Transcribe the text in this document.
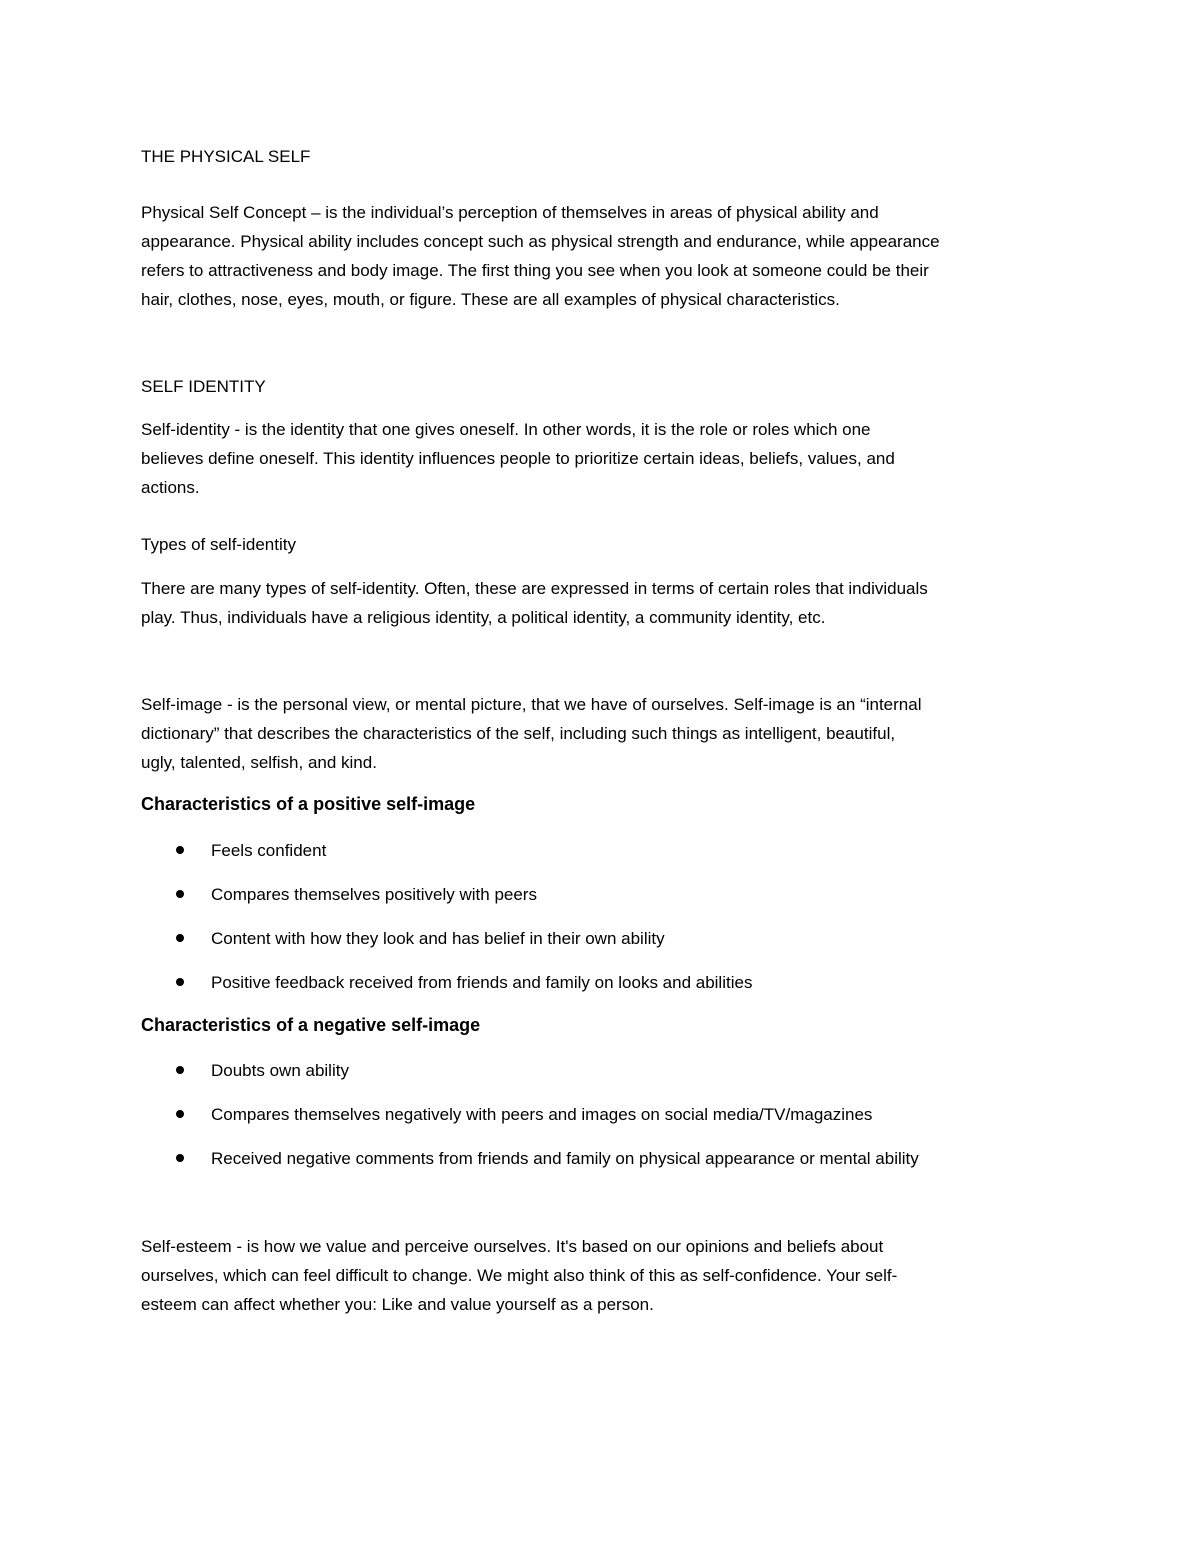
THE PHYSICAL SELF
Physical Self Concept – is the individual’s perception of themselves in areas of physical ability and
appearance. Physical ability includes concept such as physical strength and endurance, while appearance
refers to attractiveness and body image. The first thing you see when you look at someone could be their
hair, clothes, nose, eyes, mouth, or figure. These are all examples of physical characteristics.
SELF IDENTITY
Self-identity - is the identity that one gives oneself. In other words, it is the role or roles which one
believes define oneself. This identity influences people to prioritize certain ideas, beliefs, values, and
actions.
Types of self-identity
There are many types of self-identity. Often, these are expressed in terms of certain roles that individuals
play. Thus, individuals have a religious identity, a political identity, a community identity, etc.
Self-image - is the personal view, or mental picture, that we have of ourselves. Self-image is an “internal
dictionary” that describes the characteristics of the self, including such things as intelligent, beautiful,
ugly, talented, selfish, and kind.
Characteristics of a positive self-image
Feels confident
Compares themselves positively with peers
Content with how they look and has belief in their own ability
Positive feedback received from friends and family on looks and abilities
Characteristics of a negative self-image
Doubts own ability
Compares themselves negatively with peers and images on social media/TV/magazines
Received negative comments from friends and family on physical appearance or mental ability
Self-esteem - is how we value and perceive ourselves. It's based on our opinions and beliefs about
ourselves, which can feel difficult to change. We might also think of this as self-confidence. Your self-
esteem can affect whether you: Like and value yourself as a person.
